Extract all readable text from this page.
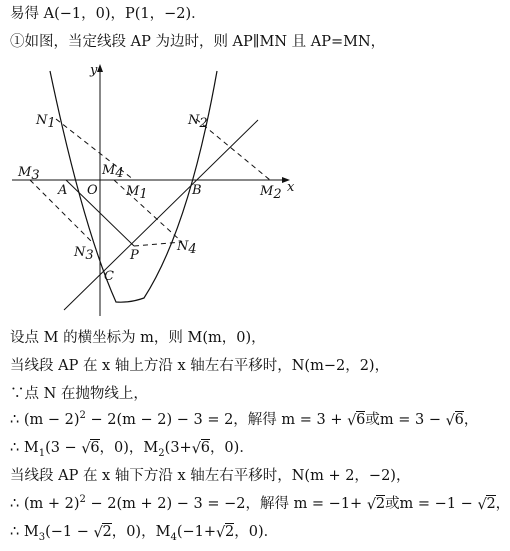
易得 A(−1，0)，P(1，−2)．
①如图，当定线段 AP 为边时，则 AP∥MN 且 AP=MN，
x
y
O
A	B
C
P
N1	N2
N3
N4
M1	M2
M3	M4
设点 M 的横坐标为 m，则 M(m，0)，
当线段 AP 在 x 轴上方沿 x 轴左右平移时，N(m−2，2)，
∵点 N 在抛物线上，
∴ $(m - 2)^2 - 2(m - 2) - 3 = 2$，解得 m = 3 + √ 6或m = 3 − √ 6，
∴ $M_1(3$ − √ 6，0)，$M_2(3+√$ 6，0)．
当线段 AP 在 x 轴下方沿 x 轴左右平移时，N(m + 2，−2)，
∴ $(m + 2)^2 - 2(m + 2) - 3 = -2$，解得 m = −1+ √ 2或m = −1 − √ 2，
∴ $M_3(-1$ − √ 2，0)，$M_4(-1+√$ 2，0)．
